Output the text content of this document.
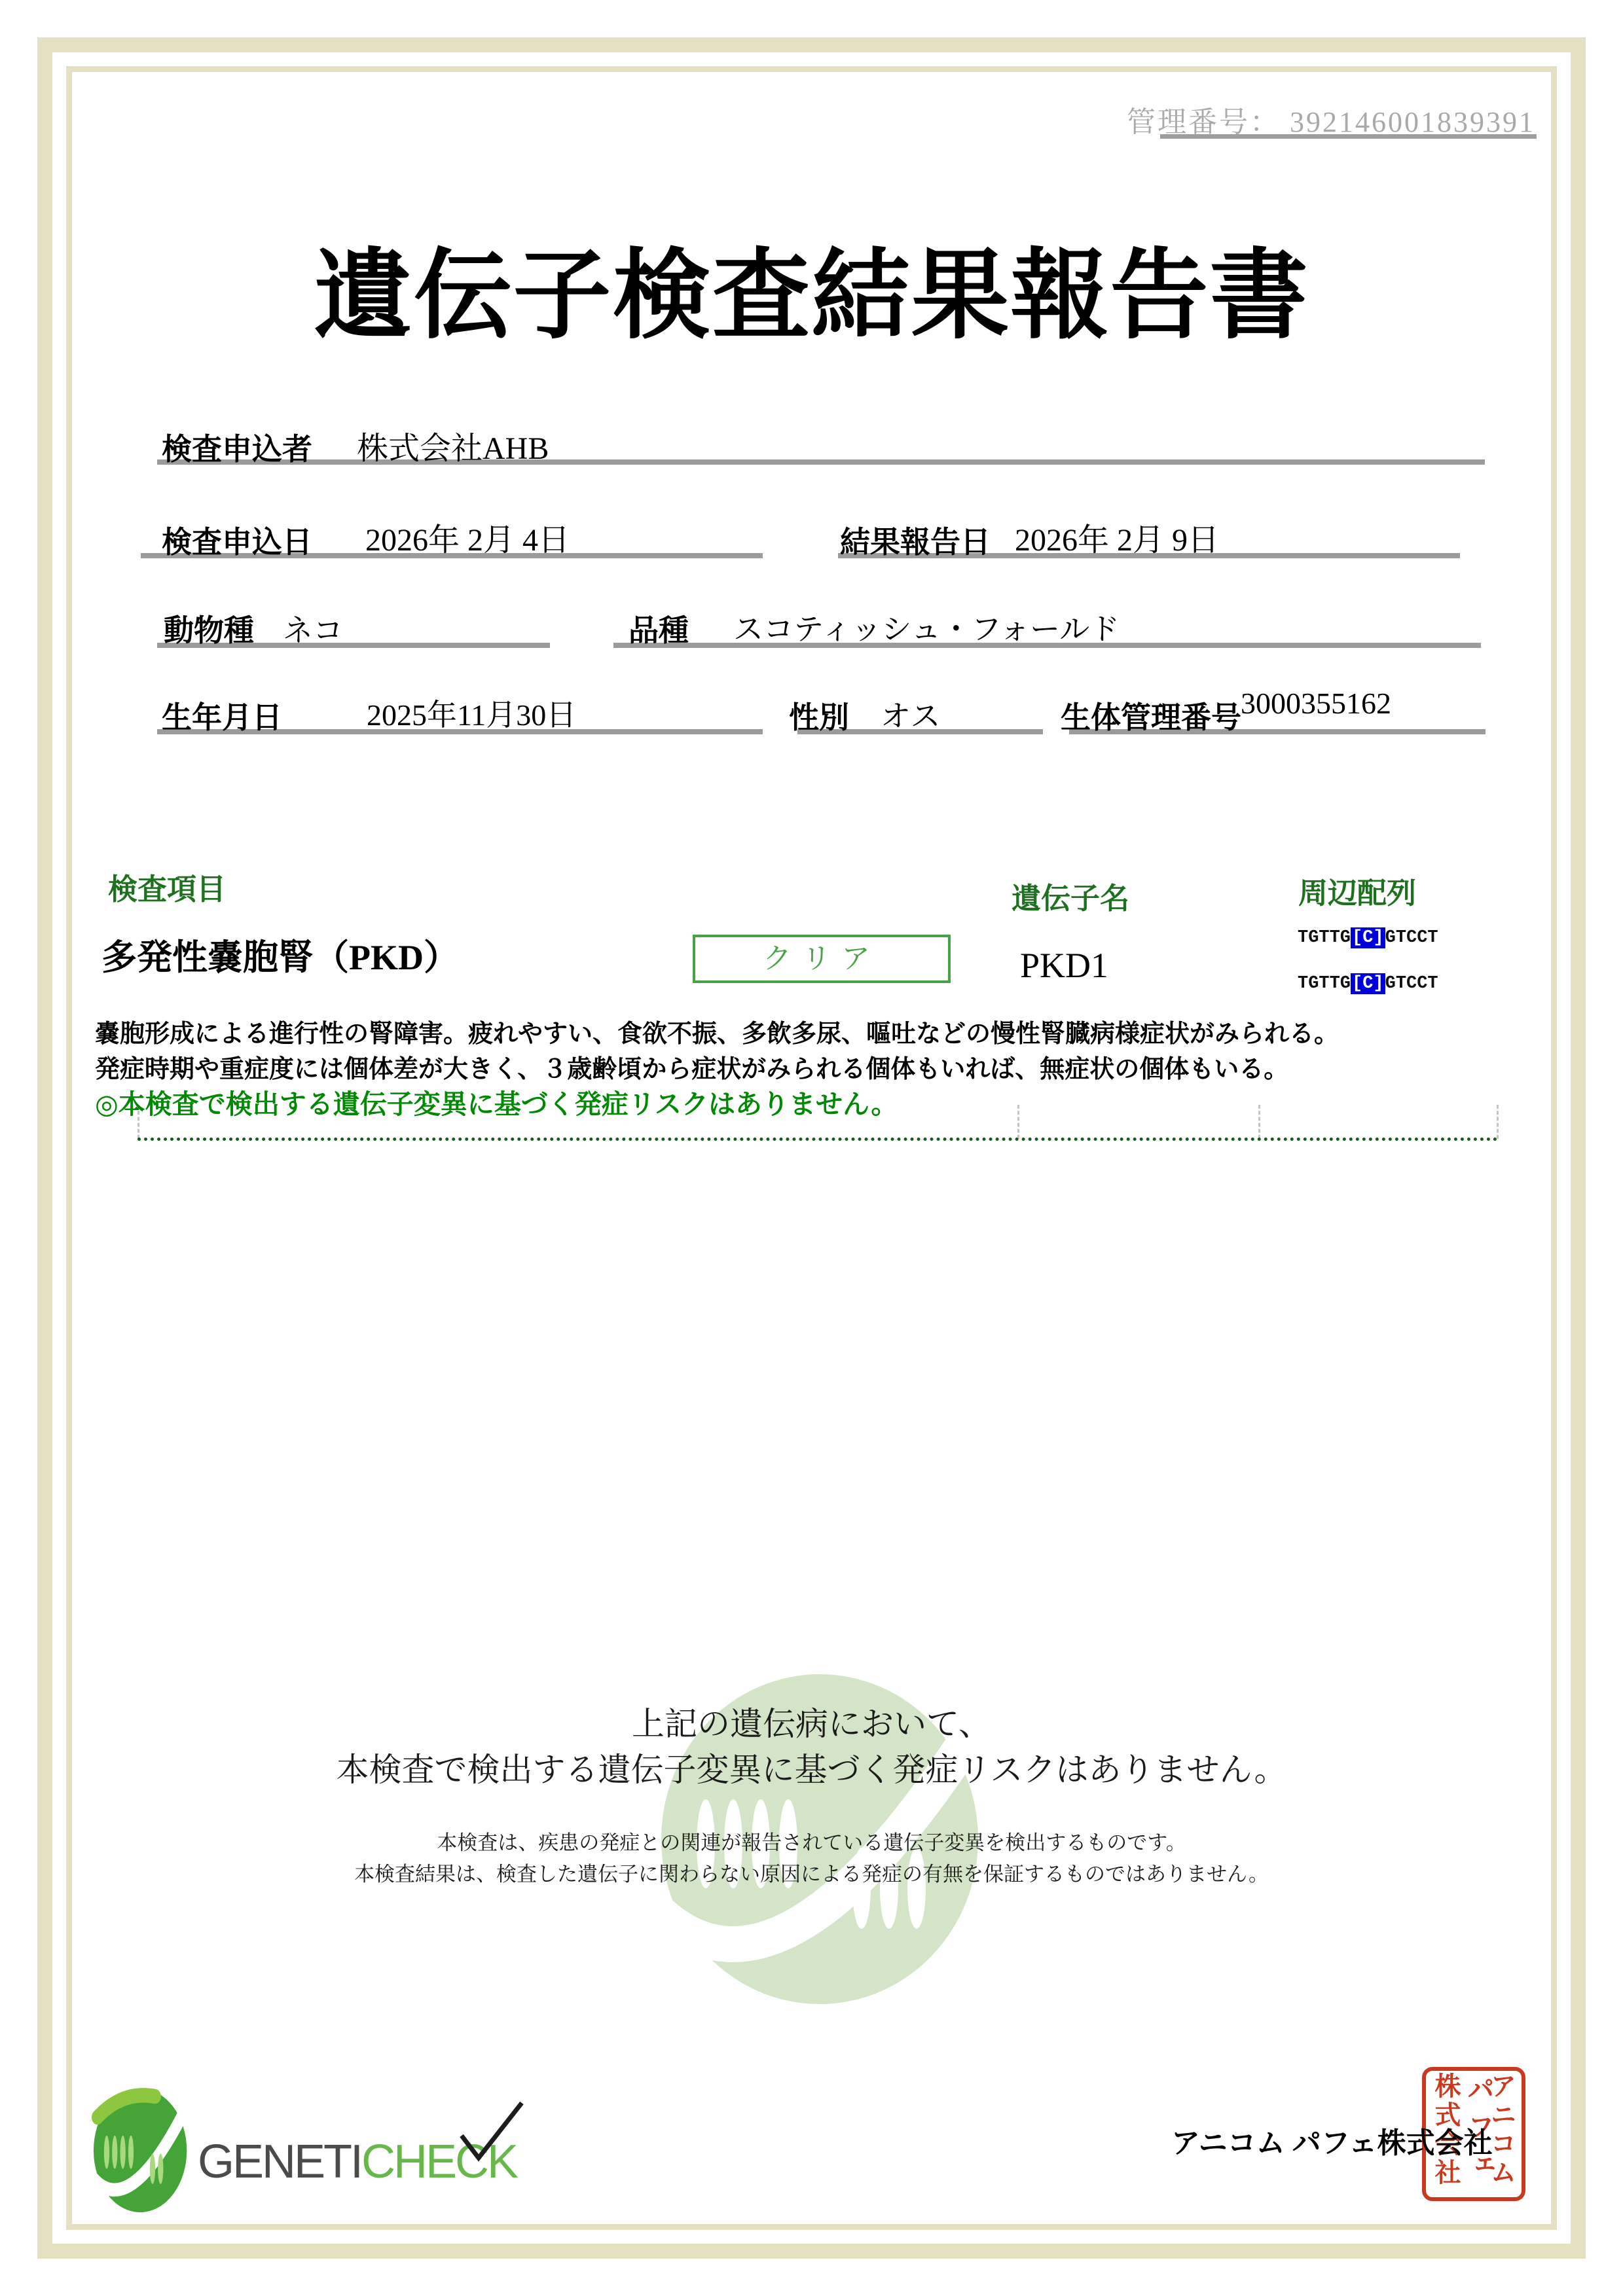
管理番号： 392146001839391
遺伝子検査結果報告書
検査申込者 株式会社AHB
検査申込日 2026年 2月 4日	結果報告日 2026年 2月 9日
動物種 ネコ	品種 スコティッシュ・フォールド
生年月日	2025年11月30日	性別 オス	生体管理番号 3000355162
検査項目	遺伝子名	周辺配列
多発性嚢胞腎（PKD）	クリア	PKD1
TGTTG[C]GTCCT
TGTTG[C]GTCCT
嚢胞形成による進行性の腎障害。疲れやすい、食欲不振、多飲多尿、嘔吐などの慢性腎臓病様症状がみられる。
発症時期や重症度には個体差が大きく、３歳齢頃から症状がみられる個体もいれば、無症状の個体もいる。
◎本検査で検出する遺伝子変異に基づく発症リスクはありません。
上記の遺伝病において、
本検査で検出する遺伝子変異に基づく発症リスクはありません。
本検査は、疾患の発症との関連が報告されている遺伝子変異を検出するものです。
本検査結果は、検査した遺伝子に関わらない原因による発症の有無を保証するものではありません。
GENETICHECK	アニコム パフェ株式会社
アニコム
パフェ
株式会社
